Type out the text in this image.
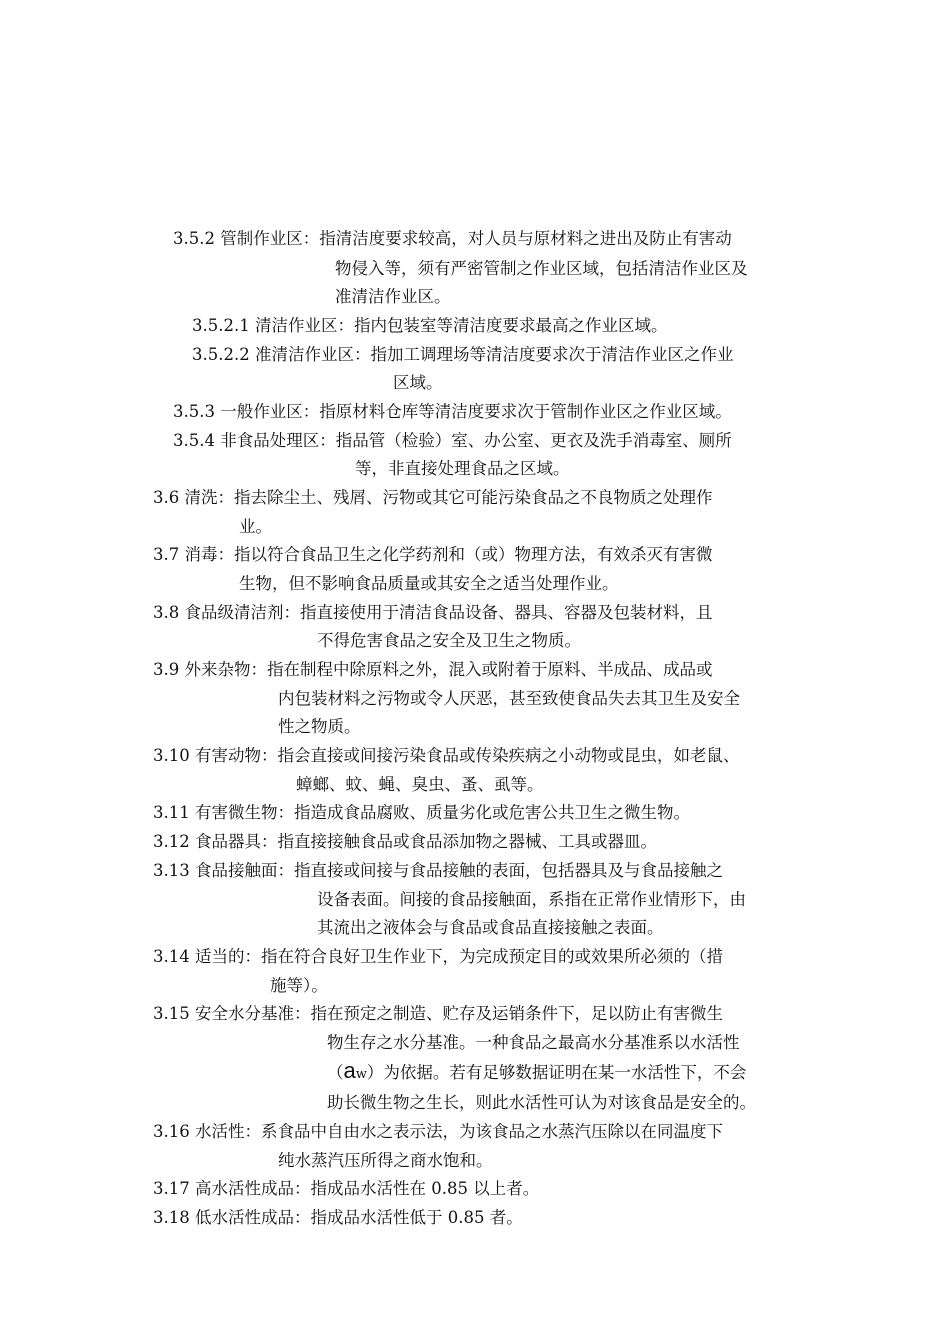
3.5.2 管制作业区：指清洁度要求较高，对人员与原材料之进出及防止有害动
物侵入等，须有严密管制之作业区域，包括清洁作业区及
准清洁作业区。
3.5.2.1 清洁作业区：指内包装室等清洁度要求最高之作业区域。
3.5.2.2 准清洁作业区：指加工调理场等清洁度要求次于清洁作业区之作业
区域。
3.5.3 一般作业区：指原材料仓库等清洁度要求次于管制作业区之作业区域。
3.5.4 非食品处理区：指品管（检验）室、办公室、更衣及洗手消毒室、厕所
等，非直接处理食品之区域。
3.6 清洗：指去除尘土、残屑、污物或其它可能污染食品之不良物质之处理作
业。
3.7 消毒：指以符合食品卫生之化学药剂和（或）物理方法，有效杀灭有害微
生物，但不影响食品质量或其安全之适当处理作业。
3.8 食品级清洁剂：指直接使用于清洁食品设备、器具、容器及包装材料，且
不得危害食品之安全及卫生之物质。
3.9 外来杂物：指在制程中除原料之外，混入或附着于原料、半成品、成品或
内包装材料之污物或令人厌恶，甚至致使食品失去其卫生及安全
性之物质。
3.10 有害动物：指会直接或间接污染食品或传染疾病之小动物或昆虫，如老鼠、
蟑螂、蚊、蝇、臭虫、蚤、虱等。
3.11 有害微生物：指造成食品腐败、质量劣化或危害公共卫生之微生物。
3.12 食品器具：指直接接触食品或食品添加物之器械、工具或器皿。
3.13 食品接触面：指直接或间接与食品接触的表面，包括器具及与食品接触之
设备表面。间接的食品接触面，系指在正常作业情形下，由
其流出之液体会与食品或食品直接接触之表面。
3.14 适当的：指在符合良好卫生作业下，为完成预定目的或效果所必须的（措
施等）。
3.15 安全水分基准：指在预定之制造、贮存及运销条件下，足以防止有害微生
物生存之水分基准。一种食品之最高水分基准系以水活性
（aw）为依据。若有足够数据证明在某一水活性下，不会
助长微生物之生长，则此水活性可认为对该食品是安全的。
3.16 水活性：系食品中自由水之表示法，为该食品之水蒸汽压除以在同温度下
纯水蒸汽压所得之商水饱和。
3.17 高水活性成品：指成品水活性在 0.85 以上者。
3.18 低水活性成品：指成品水活性低于 0.85 者。
